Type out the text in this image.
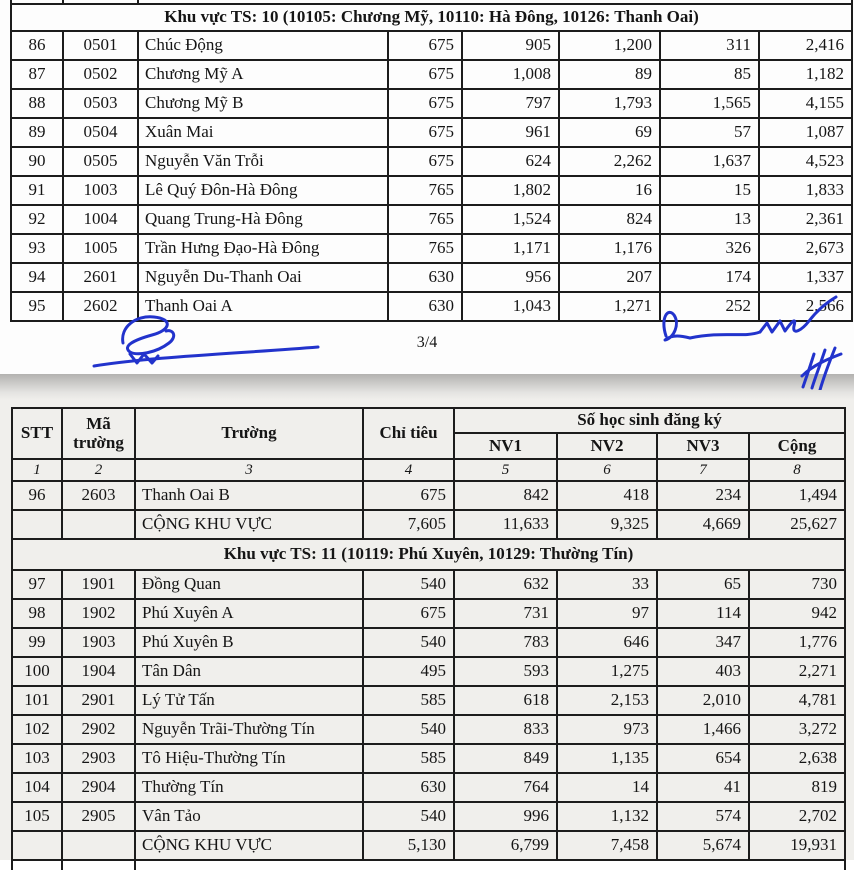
Khu vực TS: 10 (10105: Chương Mỹ, 10110: Hà Đông, 10126: Thanh Oai)							
86	0501	Chúc Động	675	905	1,200	311	2,416
87	0502	Chương Mỹ A	675	1,008	89	85	1,182
88	0503	Chương Mỹ B	675	797	1,793	1,565	4,155
89	0504	Xuân Mai	675	961	69	57	1,087
90	0505	Nguyễn Văn Trỗi	675	624	2,262	1,637	4,523
91	1003	Lê Quý Đôn-Hà Đông	765	1,802	16	15	1,833
92	1004	Quang Trung-Hà Đông	765	1,524	824	13	2,361
93	1005	Trần Hưng Đạo-Hà Đông	765	1,171	1,176	326	2,673
94	2601	Nguyễn Du-Thanh Oai	630	956	207	174	1,337
95	2602	Thanh Oai A	630	1,043	1,271	252	2,566
3/4
STT	Mã trường	Trường	Chỉ tiêu	Số học sinh đăng ký			
				NV1	NV2	NV3	Cộng
1	2	3	4	5	6	7	8
96	2603	Thanh Oai B	675	842	418	234	1,494
		CỘNG KHU VỰC	7,605	11,633	9,325	4,669	25,627
Khu vực TS: 11 (10119: Phú Xuyên, 10129: Thường Tín)							
97	1901	Đồng Quan	540	632	33	65	730
98	1902	Phú Xuyên A	675	731	97	114	942
99	1903	Phú Xuyên B	540	783	646	347	1,776
100	1904	Tân Dân	495	593	1,275	403	2,271
101	2901	Lý Tử Tấn	585	618	2,153	2,010	4,781
102	2902	Nguyễn Trãi-Thường Tín	540	833	973	1,466	3,272
103	2903	Tô Hiệu-Thường Tín	585	849	1,135	654	2,638
104	2904	Thường Tín	630	764	14	41	819
105	2905	Vân Tảo	540	996	1,132	574	2,702
		CỘNG KHU VỰC	5,130	6,799	7,458	5,674	19,931
